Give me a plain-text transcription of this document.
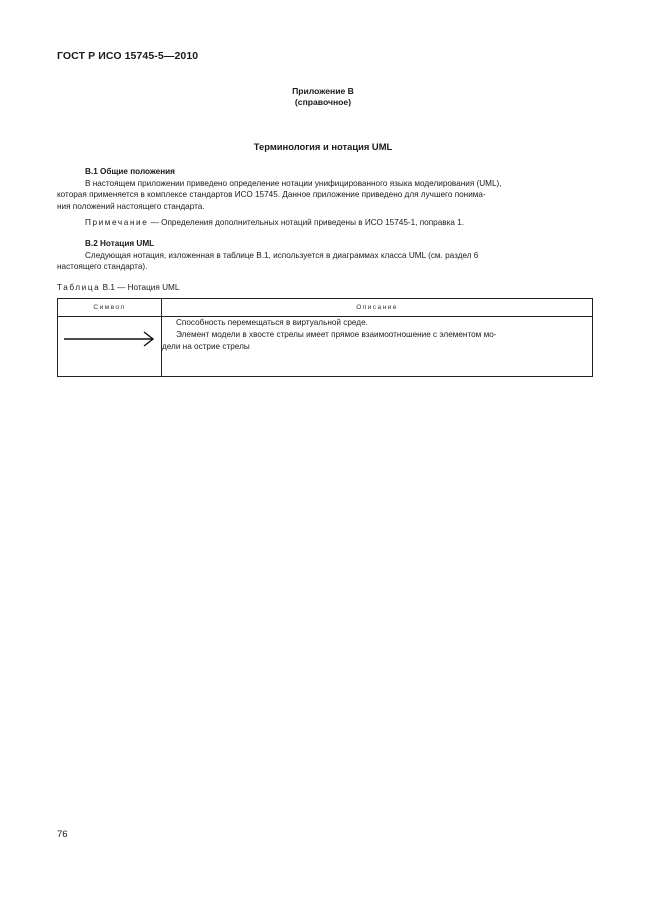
ГОСТ Р ИСО 15745-5—2010
Приложение В
(справочное)
Терминология и нотация UML
В.1 Общие положения
В настоящем приложении приведено определение нотации унифицированного языка моделирования (UML),
которая применяется в комплексе стандартов ИСО 15745. Данное приложение приведено для лучшего понима-
ния положений настоящего стандарта.
Примечание — Определения дополнительных нотаций приведены в ИСО 15745-1, поправка 1.
В.2 Нотация UML
Следующая нотация, изложенная в таблице В.1, используется в диаграммах класса UML (см. раздел 6
настоящего стандарта).
Таблица В.1 — Нотация UML
Символ	Описание

Способность перемещаться в виртуальной среде.
Элемент модели в хвосте стрелы имеет прямое взаимоотношение с элементом мо-
дели на острие стрелы
76
